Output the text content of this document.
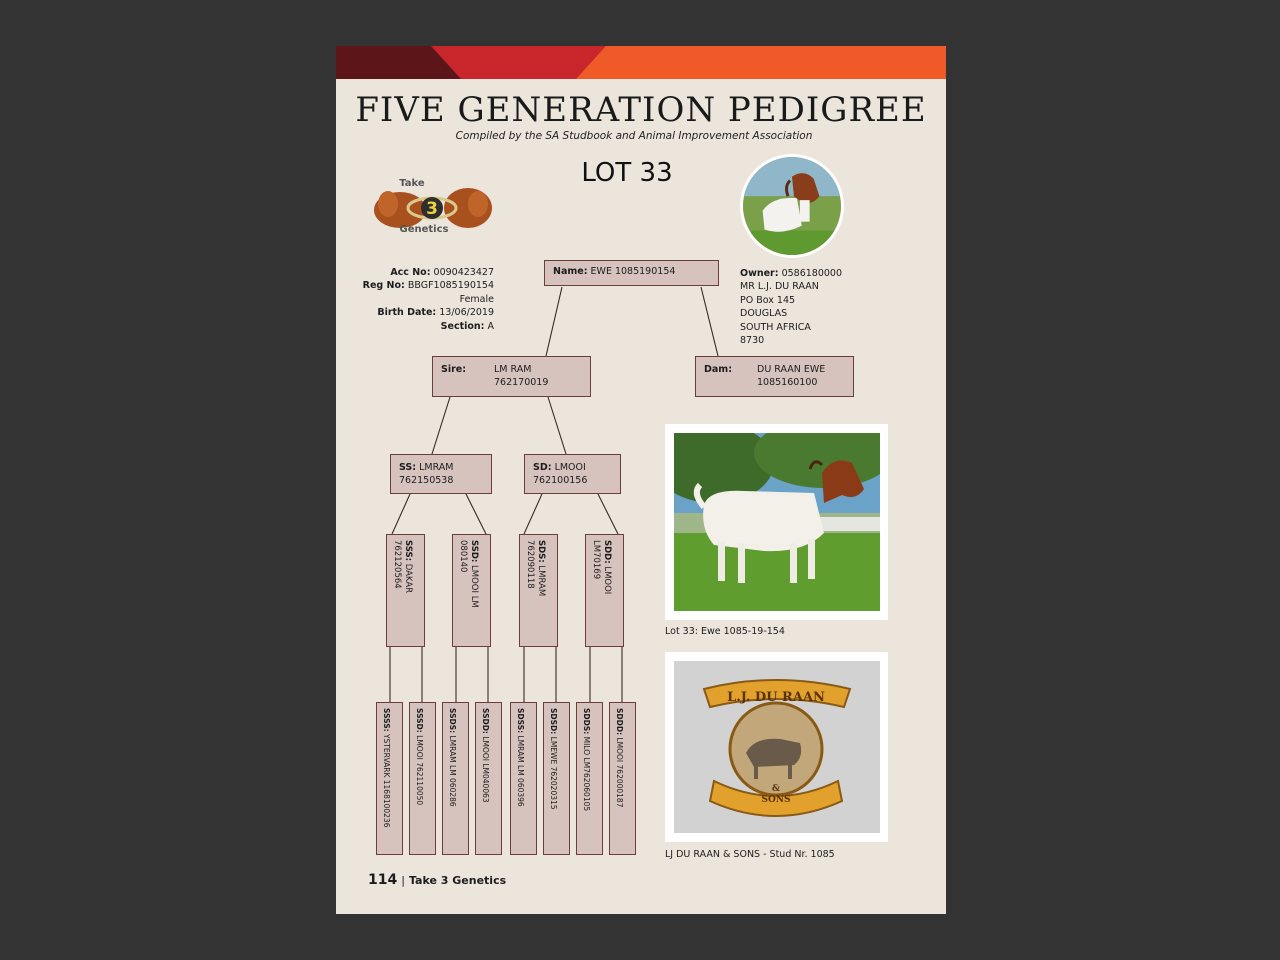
FIVE GENERATION PEDIGREE
Compiled by the SA Studbook and Animal Improvement Association
LOT 33
3
Take
Genetics
Acc No: 0090423427
Reg No: BBGF1085190154
Female
Birth Date: 13/06/2019
Section: A
Owner: 0586180000
MR L.J. DU RAAN
PO Box 145
DOUGLAS
SOUTH AFRICA
8730
Name: EWE 1085190154
Sire:	LM RAM
762170019
Dam:	DU RAAN EWE
1085160100
SS: LMRAM
762150538
SD: LMOOI
762100156
SSS: DAKAR
762120564	SSD: LMOOI LM
080140	SDS: LMRAM
762090118	SDD: LMOOI
LM70169
SSSS: YSTERVARK 1168100236
SSSD: LMOOI 762110050
SSDS: LMRAM LM 060286
SSDD: LMOOI LM040063
SDSS: LMRAM LM 060396
SDSD: LMEWE 762020315
SDDS: MILO LM762060105
SDDD: LMOOI 762000187
Lot 33: Ewe 1085-19-154
L.J. DU RAAN
&
SONS
LJ DU RAAN & SONS - Stud Nr. 1085
114 | Take 3 Genetics
